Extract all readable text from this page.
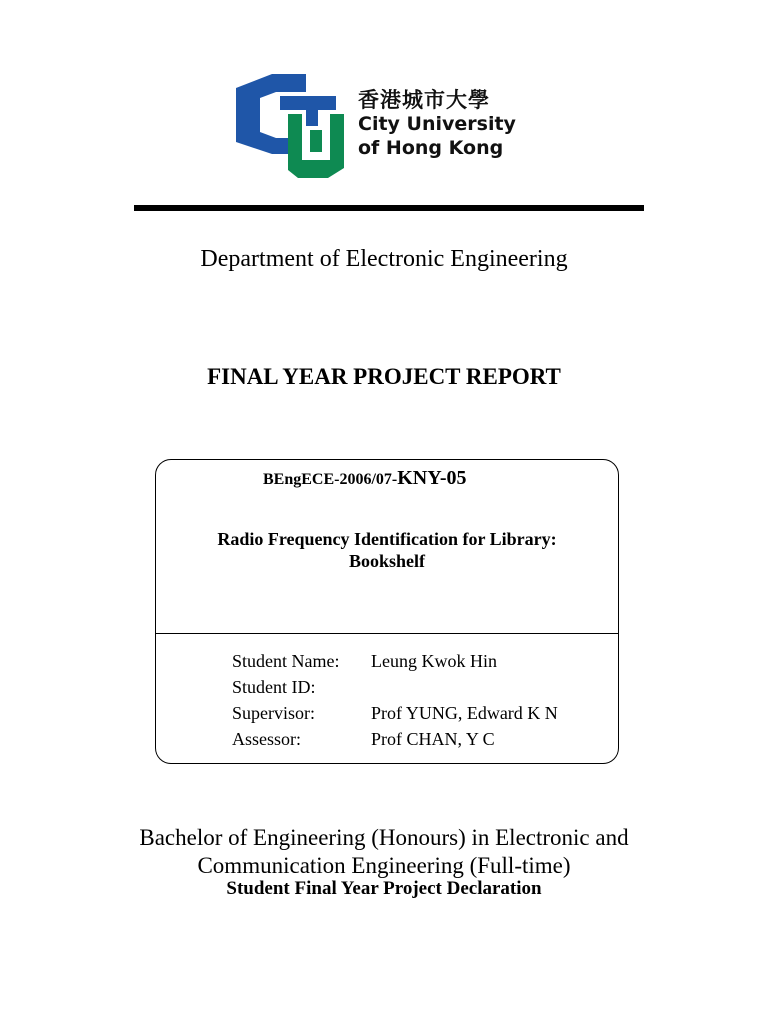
香港城市大學
City University
of Hong Kong
Department of Electronic Engineering
FINAL YEAR PROJECT REPORT
BEngECE-2006/07-KNY-05
Radio Frequency Identification for Library: Bookshelf
Student Name:	Leung Kwok Hin
Student ID:
Supervisor:	Prof YUNG, Edward K N
Assessor:	Prof CHAN, Y C
Bachelor of Engineering (Honours) in Electronic and Communication Engineering (Full-time)
Student Final Year Project Declaration
